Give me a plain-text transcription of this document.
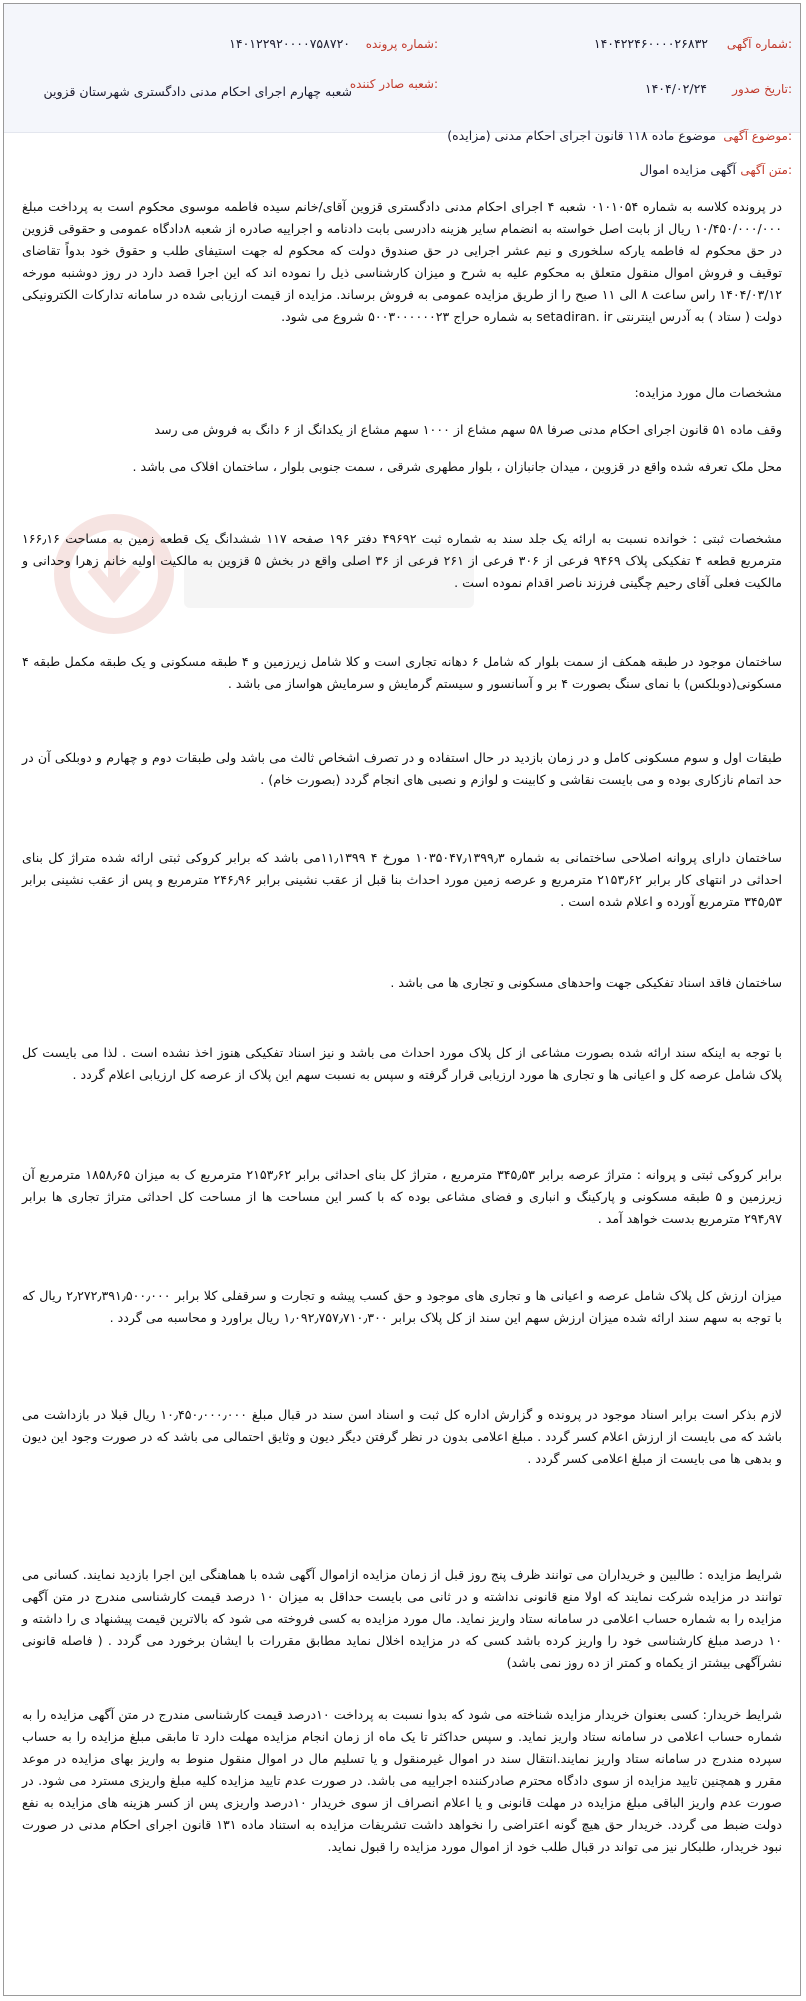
شماره آگهی:
۱۴۰۴۲۲۴۶۰۰۰۰۲۶۸۳۲
شماره پرونده:
۱۴۰۱۲۲۹۲۰۰۰۰۷۵۸۷۲۰
تاریخ صدور:
۱۴۰۴/۰۲/۲۴
شعبه صادر کننده:
شعبه چهارم اجرای احکام مدنی دادگستری شهرستان قزوین
موضوع آگهی:
موضوع ماده ۱۱۸ قانون اجرای احکام مدنی (مزایده)
متن آگهی:
آگهی مزایده اموال
در پرونده کلاسه به شماره ۰۱۰۱۰۵۴ شعبه ۴ اجرای احکام مدنی دادگستری قزوین آقای/خانم سیده فاطمه موسوی محکوم است به پرداخت مبلغ ۱۰/۴۵۰/۰۰۰/۰۰۰ ریال از بابت اصل خواسته به انضمام سایر هزینه دادرسی بابت دادنامه و اجراییه صادره از شعبه ۸دادگاه عمومی و حقوقی قزوین در حق محکوم له فاطمه یارکه سلخوری و نیم عشر اجرایی در حق صندوق دولت که محکوم له جهت استیفای طلب و حقوق خود بدواً تقاضای توقیف و فروش اموال منقول متعلق به محکوم علیه به شرح و میزان کارشناسی ذیل را نموده اند که این اجرا قصد دارد در روز دوشنبه مورخه ۱۴۰۴/۰۳/۱۲ راس ساعت ۸ الی ۱۱ صبح را از طریق مزایده عمومی به فروش برساند. مزایده از قیمت ارزیابی شده در سامانه تدارکات الکترونیکی دولت ( ستاد ) به آدرس اینترنتی setadiran. ir به شماره حراج ۵۰۰۳۰۰۰۰۰۰۲۳ شروع می شود.
مشخصات مال مورد مزایده:
وقف ماده ۵۱ قانون اجرای احکام مدنی صرفا ۵۸ سهم مشاع از ۱۰۰۰ سهم مشاع از یکدانگ از ۶ دانگ به فروش می رسد
محل ملک تعرفه شده واقع در قزوین ، میدان جانبازان ، بلوار مطهری شرقی ، سمت جنوبی بلوار ، ساختمان افلاک می باشد .
مشخصات ثبتی : خوانده نسبت به ارائه یک جلد سند به شماره ثبت ۴۹۶۹۲ دفتر ۱۹۶ صفحه ۱۱۷ ششدانگ یک قطعه زمین به مساحت ۱۶۶٫۱۶ مترمربع قطعه ۴ تفکیکی پلاک ۹۴۶۹ فرعی از ۳۰۶ فرعی از ۲۶۱ فرعی از ۳۶ اصلی واقع در بخش ۵ قزوین به مالکیت اولیه خانم زهرا وحدانی و مالکیت فعلی آقای رحیم چگینی فرزند ناصر اقدام نموده است .
ساختمان موجود در طبقه همکف از سمت بلوار که شامل ۶ دهانه تجاری است و کلا شامل زیرزمین و ۴ طبقه مسکونی و یک طبقه مکمل طبقه ۴ مسکونی(دوبلکس) با نمای سنگ بصورت ۴ بر و آسانسور و سیستم گرمایش و سرمایش هواساز می باشد .
طبقات اول و سوم مسکونی کامل و در زمان بازدید در حال استفاده و در تصرف اشخاص ثالث می باشد ولی طبقات دوم و چهارم و دوبلکی آن در حد اتمام نازکاری بوده و می بایست نقاشی و کابینت و لوازم و نصبی های انجام گردد (بصورت خام) .
ساختمان دارای پروانه اصلاحی ساختمانی به شماره ۱۰۳۵۰۴۷٫۱۳۹۹٫۳ مورخ ۴ ۱۱٫۱۳۹۹می باشد که برابر کروکی ثبتی ارائه شده متراژ کل بنای احداثی در انتهای کار برابر ۲۱۵۳٫۶۲ مترمربع و عرصه زمین مورد احداث بنا قبل از عقب نشینی برابر ۲۴۶٫۹۶ مترمربع و پس از عقب نشینی برابر ۳۴۵٫۵۳ مترمربع آورده و اعلام شده است .
ساختمان فاقد اسناد تفکیکی جهت واحدهای مسکونی و تجاری ها می باشد .
با توجه به اینکه سند ارائه شده بصورت مشاعی از کل پلاک مورد احداث می باشد و نیز اسناد تفکیکی هنوز اخذ نشده است . لذا می بایست کل پلاک شامل عرصه کل و اعیانی ها و تجاری ها مورد ارزیابی قرار گرفته و سپس به نسبت سهم این پلاک از عرصه کل ارزیابی اعلام گردد .
برابر کروکی ثبتی و پروانه : متراژ عرصه برابر ۳۴۵٫۵۳ مترمربع ، متراژ کل بنای احداثی برابر ۲۱۵۳٫۶۲ مترمربع ک به میزان ۱۸۵۸٫۶۵ مترمربع آن زیرزمین و ۵ طبقه مسکونی و پارکینگ و انباری و فضای مشاعی بوده که با کسر این مساحت ها از مساحت کل احداثی متراژ تجاری ها برابر ۲۹۴٫۹۷ مترمربع بدست خواهد آمد .
میزان ارزش کل پلاک شامل عرصه و اعیانی ها و تجاری های موجود و حق کسب پیشه و تجارت و سرقفلی کلا برابر ۲٫۲۷۲٫۳۹۱٫۵۰۰٫۰۰۰ ریال که با توجه به سهم سند ارائه شده میزان ارزش سهم این سند از کل پلاک برابر ۱٫۰۹۲٫۷۵۷٫۷۱۰٫۳۰۰ ریال براورد و محاسبه می گردد .
لازم بذکر است برابر اسناد موجود در پرونده و گزارش اداره کل ثبت و اسناد اسن سند در قبال مبلغ ۱۰٫۴۵۰٫۰۰۰٫۰۰۰ ریال قبلا در بازداشت می باشد که می بایست از ارزش اعلام کسر گردد . مبلغ اعلامی بدون در نظر گرفتن دیگر دیون و وثایق احتمالی می باشد که در صورت وجود این دیون و بدهی ها می بایست از مبلغ اعلامی کسر گردد .
شرایط مزایده : طالبین و خریداران می توانند ظرف پنج روز قبل از زمان مزایده ازاموال آگهی شده با هماهنگی این اجرا بازدید نمایند. کسانی می توانند در مزایده شرکت نمایند که اولا منع قانونی نداشته و در ثانی می بایست حداقل به میزان ۱۰ درصد قیمت کارشناسی مندرج در متن آگهی مزایده را به شماره حساب اعلامی در سامانه ستاد واریز نماید. مال مورد مزایده به کسی فروخته می شود که بالاترین قیمت پیشنهاد ی را داشته و ۱۰ درصد مبلغ کارشناسی خود را واریز کرده باشد کسی که در مزایده اخلال نماید مطابق مقررات با ایشان برخورد می گردد . ( فاصله قانونی نشرآگهی بیشتر از یکماه و کمتر از ده روز نمی باشد)
شرایط خریدار: کسی بعنوان خریدار مزایده شناخته می شود که بدوا نسبت به پرداخت ۱۰درصد قیمت کارشناسی مندرج در متن آگهی مزایده را به شماره حساب اعلامی در سامانه ستاد واریز نماید. و سپس حداکثر تا یک ماه از زمان انجام مزایده مهلت دارد تا مابقی مبلغ مزایده را به حساب سپرده مندرج در سامانه ستاد واریز نمایند.انتقال سند در اموال غیرمنقول و یا تسلیم مال در اموال منقول منوط به واریز بهای مزایده در موعد مقرر و همچنین تایید مزایده از سوی دادگاه محترم صادرکننده اجراییه می باشد. در صورت عدم تایید مزایده کلیه مبلغ واریزی مسترد می شود. در صورت عدم واریز الباقی مبلغ مزایده در مهلت قانونی و یا اعلام انصراف از سوی خریدار ۱۰درصد واریزی پس از کسر هزینه های مزایده به نفع دولت ضبط می گردد. خریدار حق هیچ گونه اعتراضی را نخواهد داشت تشریفات مزایده به استناد ماده ۱۳۱ قانون اجرای احکام مدنی در صورت نبود خریدار، طلبکار نیز می تواند در قبال طلب خود از اموال مورد مزایده را قبول نماید.
